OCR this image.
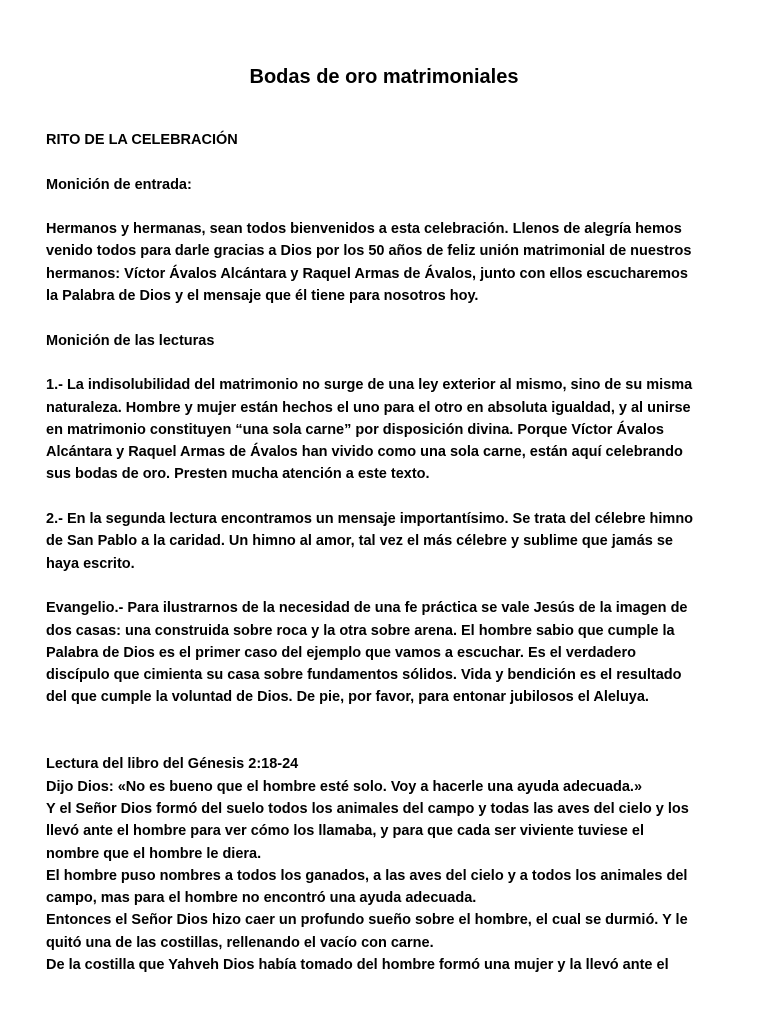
Bodas de oro matrimoniales

RITO DE LA CELEBRACIÓN

Monición de entrada:

Hermanos y hermanas, sean todos bienvenidos a esta celebración. Llenos de alegría hemos
venido todos para darle gracias a Dios por los 50 años de feliz unión matrimonial de nuestros
hermanos: Víctor Ávalos Alcántara y Raquel Armas de Ávalos, junto con ellos escucharemos
la Palabra de Dios y el mensaje que él tiene para nosotros hoy.

Monición de las lecturas

1.- La indisolubilidad del matrimonio no surge de una ley exterior al mismo, sino de su misma
naturaleza. Hombre y mujer están hechos el uno para el otro en absoluta igualdad, y al unirse
en matrimonio constituyen “una sola carne” por disposición divina. Porque Víctor Ávalos
Alcántara y Raquel Armas de Ávalos han vivido como una sola carne, están aquí celebrando
sus bodas de oro. Presten mucha atención a este texto.

2.- En la segunda lectura encontramos un mensaje importantísimo. Se trata del célebre himno
de San Pablo a la caridad. Un himno al amor, tal vez el más célebre y sublime que jamás se
haya escrito.

Evangelio.- Para ilustrarnos de la necesidad de una fe práctica se vale Jesús de la imagen de
dos casas: una construida sobre roca y la otra sobre arena. El hombre sabio que cumple la
Palabra de Dios es el primer caso del ejemplo que vamos a escuchar. Es el verdadero
discípulo que cimienta su casa sobre fundamentos sólidos. Vida y bendición es el resultado
del que cumple la voluntad de Dios. De pie, por favor, para entonar jubilosos el Aleluya.

Lectura del libro del Génesis 2:18-24

Dijo Dios: «No es bueno que el hombre esté solo. Voy a hacerle una ayuda adecuada.»

Y el Señor Dios formó del suelo todos los animales del campo y todas las aves del cielo y los
llevó ante el hombre para ver cómo los llamaba, y para que cada ser viviente tuviese el
nombre que el hombre le diera.

El hombre puso nombres a todos los ganados, a las aves del cielo y a todos los animales del
campo, mas para el hombre no encontró una ayuda adecuada.

Entonces el Señor Dios hizo caer un profundo sueño sobre el hombre, el cual se durmió. Y le
quitó una de las costillas, rellenando el vacío con carne.

De la costilla que Yahveh Dios había tomado del hombre formó una mujer y la llevó ante el
